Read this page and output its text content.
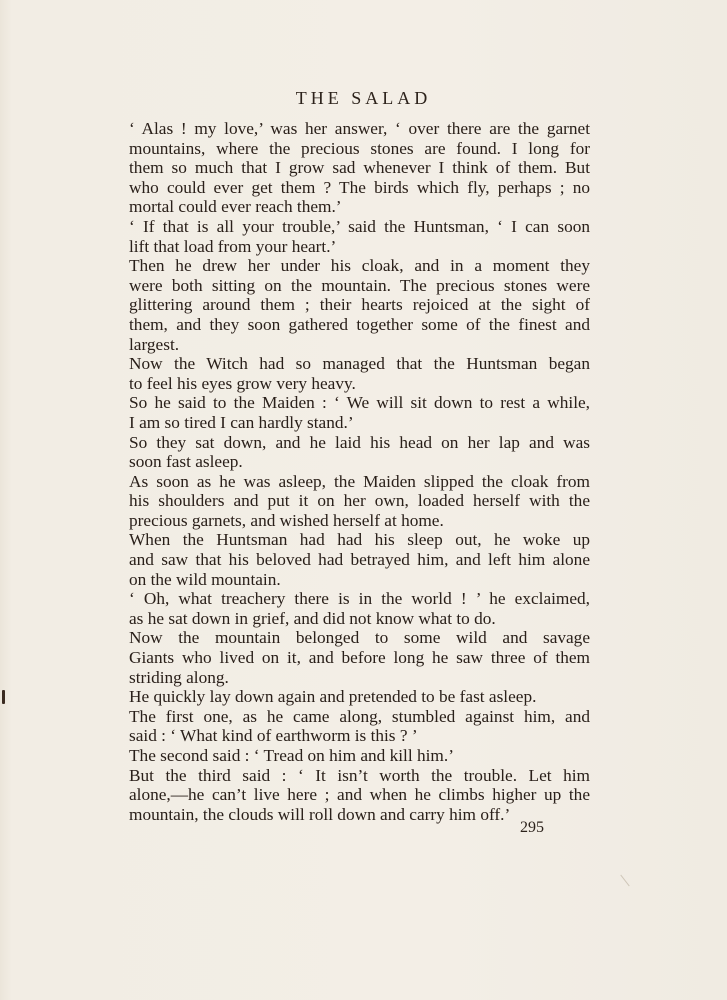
THE SALAD

‘ Alas ! my love,’ was her answer, ‘ over there are the garnet
mountains, where the precious stones are found. I long for
them so much that I grow sad whenever I think of them. But
who could ever get them ? The birds which fly, perhaps ; no
mortal could ever reach them.’

‘ If that is all your trouble,’ said the Huntsman, ‘ I can soon
lift that load from your heart.’

Then he drew her under his cloak, and in a moment they
were both sitting on the mountain. The precious stones were
glittering around them ; their hearts rejoiced at the sight of
them, and they soon gathered together some of the finest and
largest.

Now the Witch had so managed that the Huntsman began
to feel his eyes grow very heavy.

So he said to the Maiden : ‘ We will sit down to rest a while,
I am so tired I can hardly stand.’

So they sat down, and he laid his head on her lap and was
soon fast asleep.

As soon as he was asleep, the Maiden slipped the cloak from
his shoulders and put it on her own, loaded herself with the
precious garnets, and wished herself at home.

When the Huntsman had had his sleep out, he woke up
and saw that his beloved had betrayed him, and left him alone
on the wild mountain.

‘ Oh, what treachery there is in the world ! ’ he exclaimed,
as he sat down in grief, and did not know what to do.

Now the mountain belonged to some wild and savage
Giants who lived on it, and before long he saw three of them
striding along.

He quickly lay down again and pretended to be fast asleep.

The first one, as he came along, stumbled against him, and
said : ‘ What kind of earthworm is this ? ’

The second said : ‘ Tread on him and kill him.’

But the third said : ‘ It isn’t worth the trouble. Let him
alone,—he can’t live here ; and when he climbs higher up the
mountain, the clouds will roll down and carry him off.’

295
